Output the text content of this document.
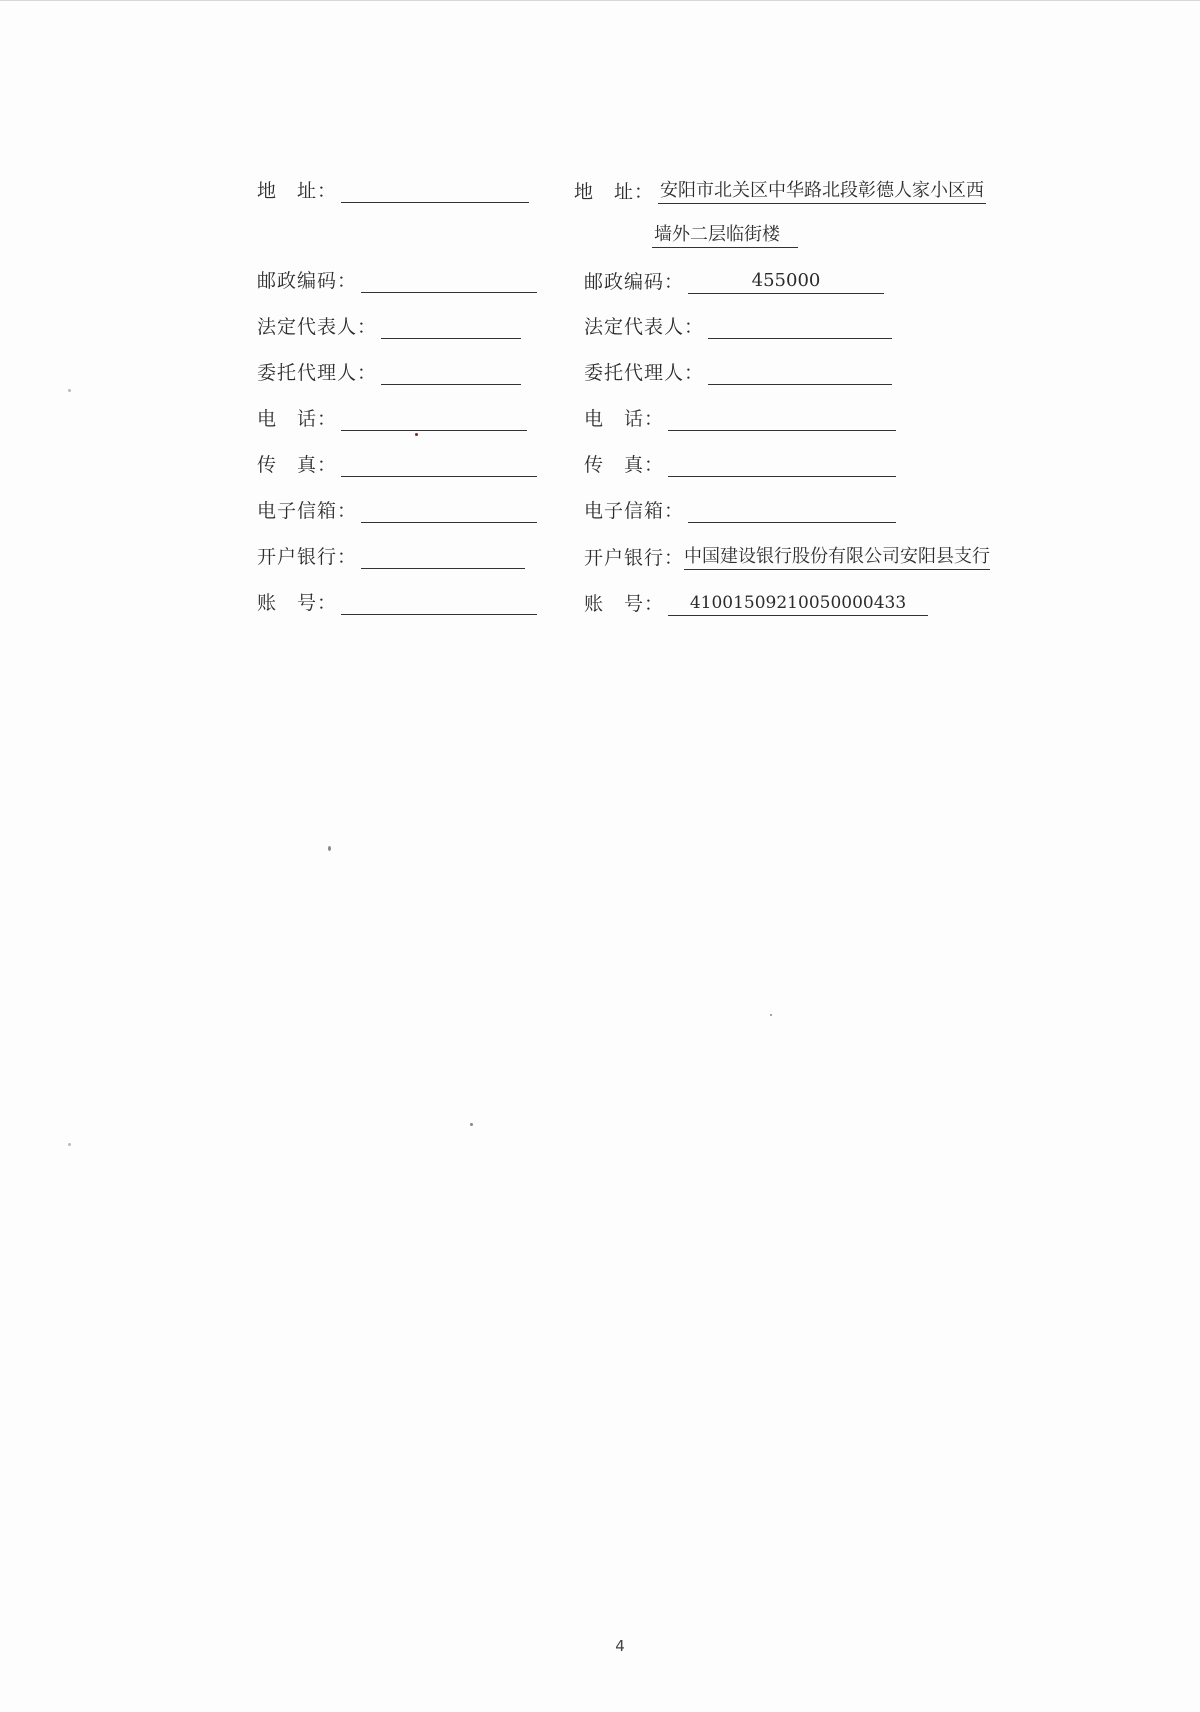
地　址：
邮政编码：
法定代表人：
委托代理人：
电　话：
传　真：
电子信箱：
开户银行：
账　号：
地　址： 安阳市北关区中华路北段彰德人家小区西
墙外二层临街楼
邮政编码：	455000
法定代表人：
委托代理人：
电　话：
传　真：
电子信箱：
开户银行： 中国建设银行股份有限公司安阳县支行
账　号：	41001509210050000433
4
